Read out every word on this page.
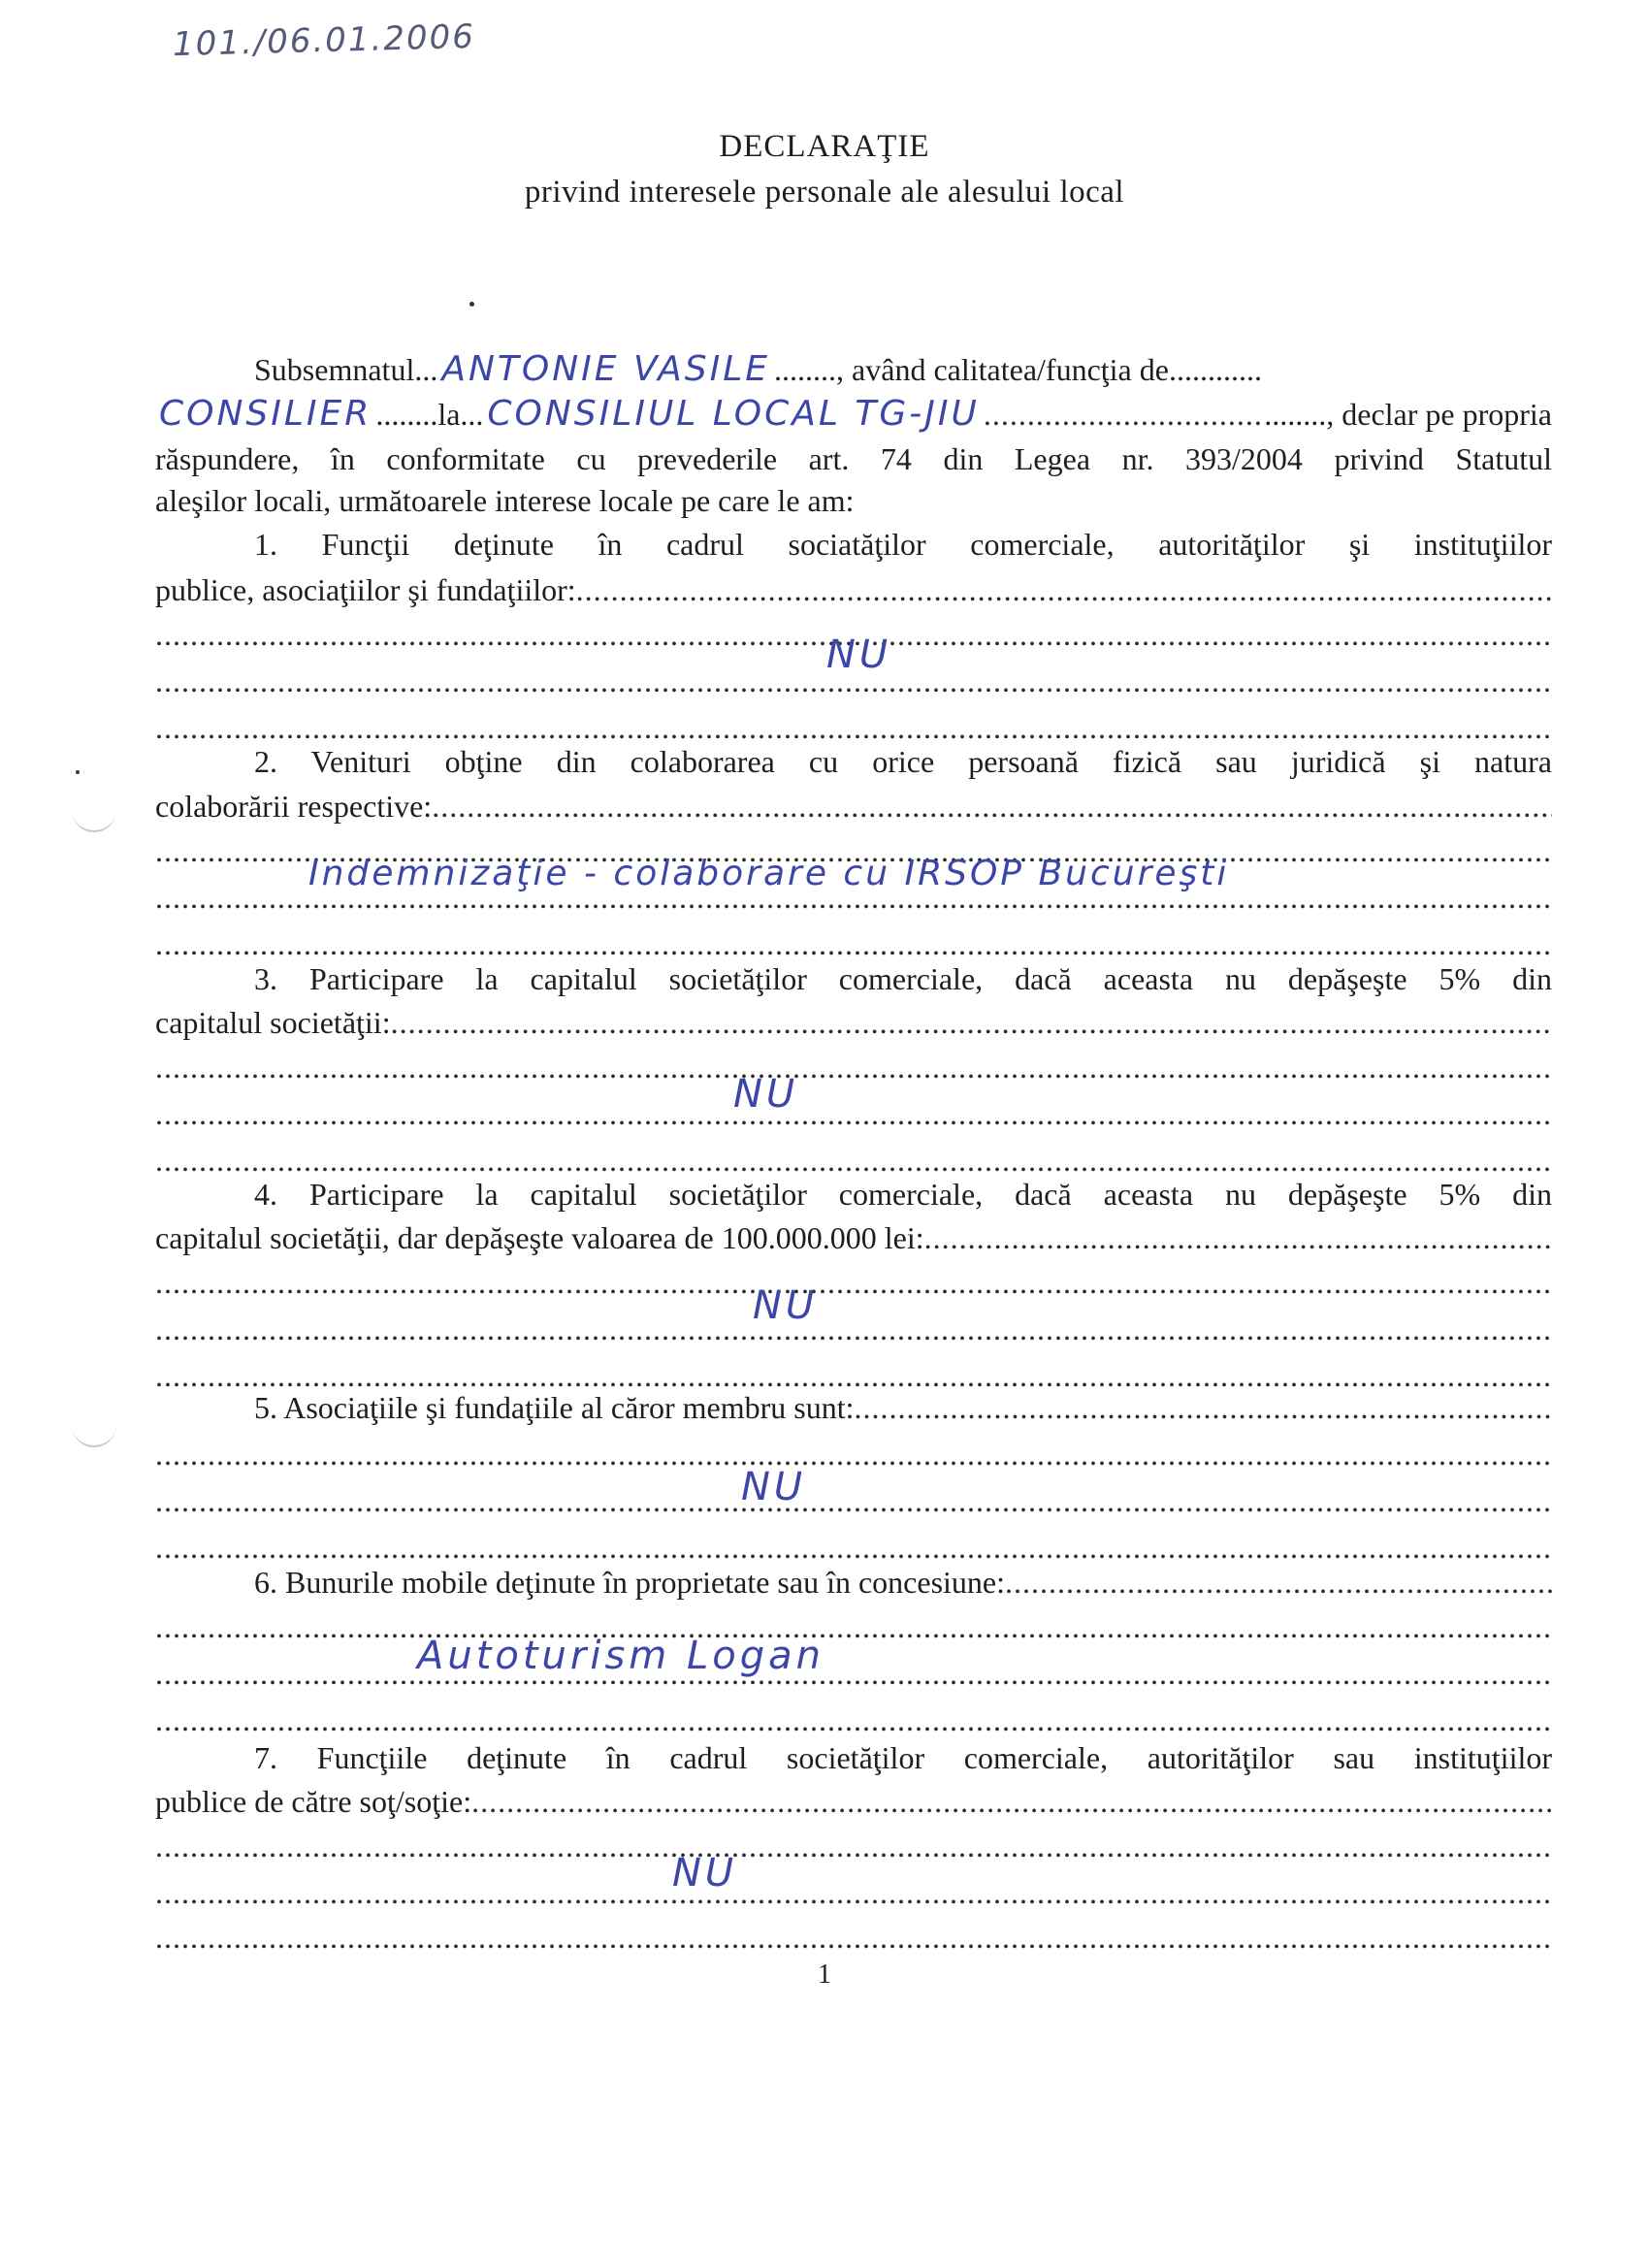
101./06.01.2006
DECLARAŢIE
privind interesele personale ale alesului local
Subsemnatul... ANTONIE VASILE ........, având calitatea/funcţia de............
CONSILIER ........la... CONSILIUL LOCAL TG-JIU
.....	........, declar pe propria
răspundere, în conformitate cu prevederile art. 74 din Legea nr. 393/2004 privind Statutul
aleşilor locali, următoarele interese locale pe care le am:
1. Funcţii deţinute în cadrul sociatăţilor comerciale, autorităţilor şi instituţiilor
publice, asociaţiilor şi fundaţiilor:
.....
.....
.....
.....
NU
2. Venituri obţine din colaborarea cu orice persoană fizică sau juridică şi natura
colaborării respective:
.....
.....
.....
.....
Indemnizaţie - colaborare cu IRSOP Bucureşti
3. Participare la capitalul societăţilor comerciale, dacă aceasta nu depăşeşte 5% din
capitalul societăţii:
.....
.....
.....
.....
NU
4. Participare la capitalul societăţilor comerciale, dacă aceasta nu depăşeşte 5% din
capitalul societăţii, dar depăşeşte valoarea de 100.000.000 lei:
.....
.....
.....
.....
NU
5. Asociaţiile şi fundaţiile al căror membru sunt:
.....
.....
.....
.....
NU
6. Bunurile mobile deţinute în proprietate sau în concesiune:
.....
.....
.....
.....
Autoturism Logan
7. Funcţiile deţinute în cadrul societăţilor comerciale, autorităţilor sau instituţiilor
publice de către soţ/soţie:
.....
.....
.....
.....
NU
1
